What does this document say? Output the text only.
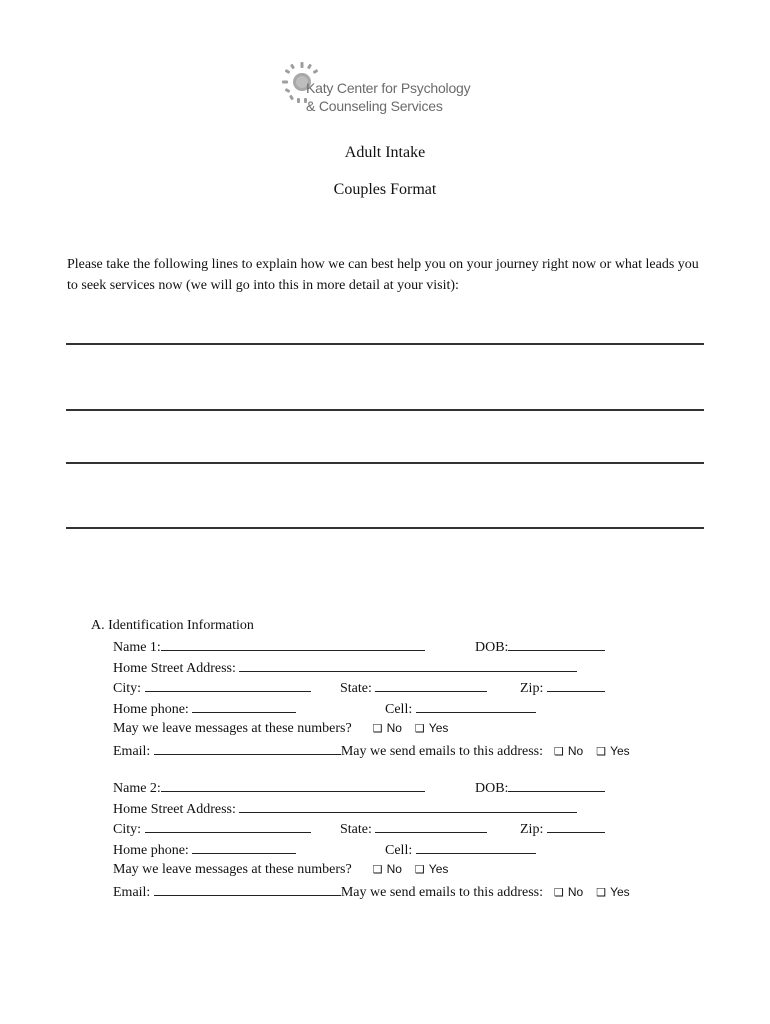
Katy Center for Psychology
& Counseling Services
Adult Intake
Couples Format
Please take the following lines to explain how we can best help you on your journey right now or what leads you to seek services now (we will go into this in more detail at your visit):
A. Identification Information
Name 1:	DOB:
Home Street Address:
City:	State:	Zip:
Home phone:	Cell:
May we leave messages at these numbers? ❑ No ❑ Yes
Email:	May we send emails to this address: ❑ No ❑ Yes
Name 2:	DOB:
Home Street Address:
City:	State:	Zip:
Home phone:	Cell:
May we leave messages at these numbers? ❑ No ❑ Yes
Email:	May we send emails to this address: ❑ No ❑ Yes
